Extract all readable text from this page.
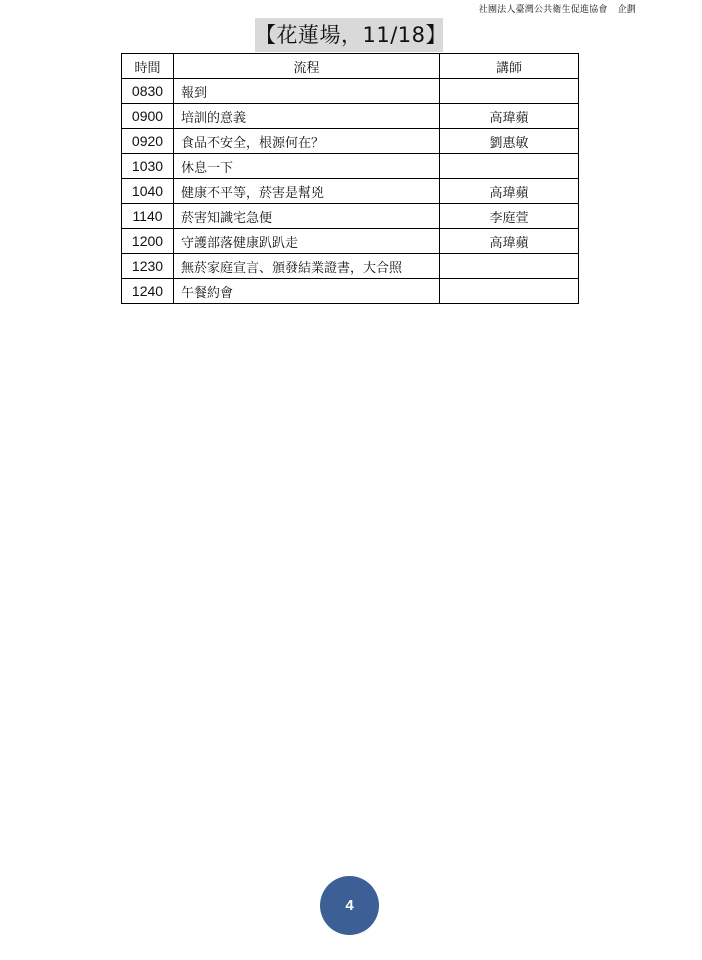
社團法人臺灣公共衛生促進協會 企劃
【花蓮場，11/18】
時間	流程	講師
0830	報到	
0900	培訓的意義	高瑋蘋
0920	食品不安全，根源何在？	劉惠敏
1030	休息一下	
1040	健康不平等，菸害是幫兇	高瑋蘋
1140	菸害知識宅急便	李庭萱
1200	守護部落健康趴趴走	高瑋蘋
1230	無菸家庭宣言、頒發結業證書，大合照	
1240	午餐約會	
4
